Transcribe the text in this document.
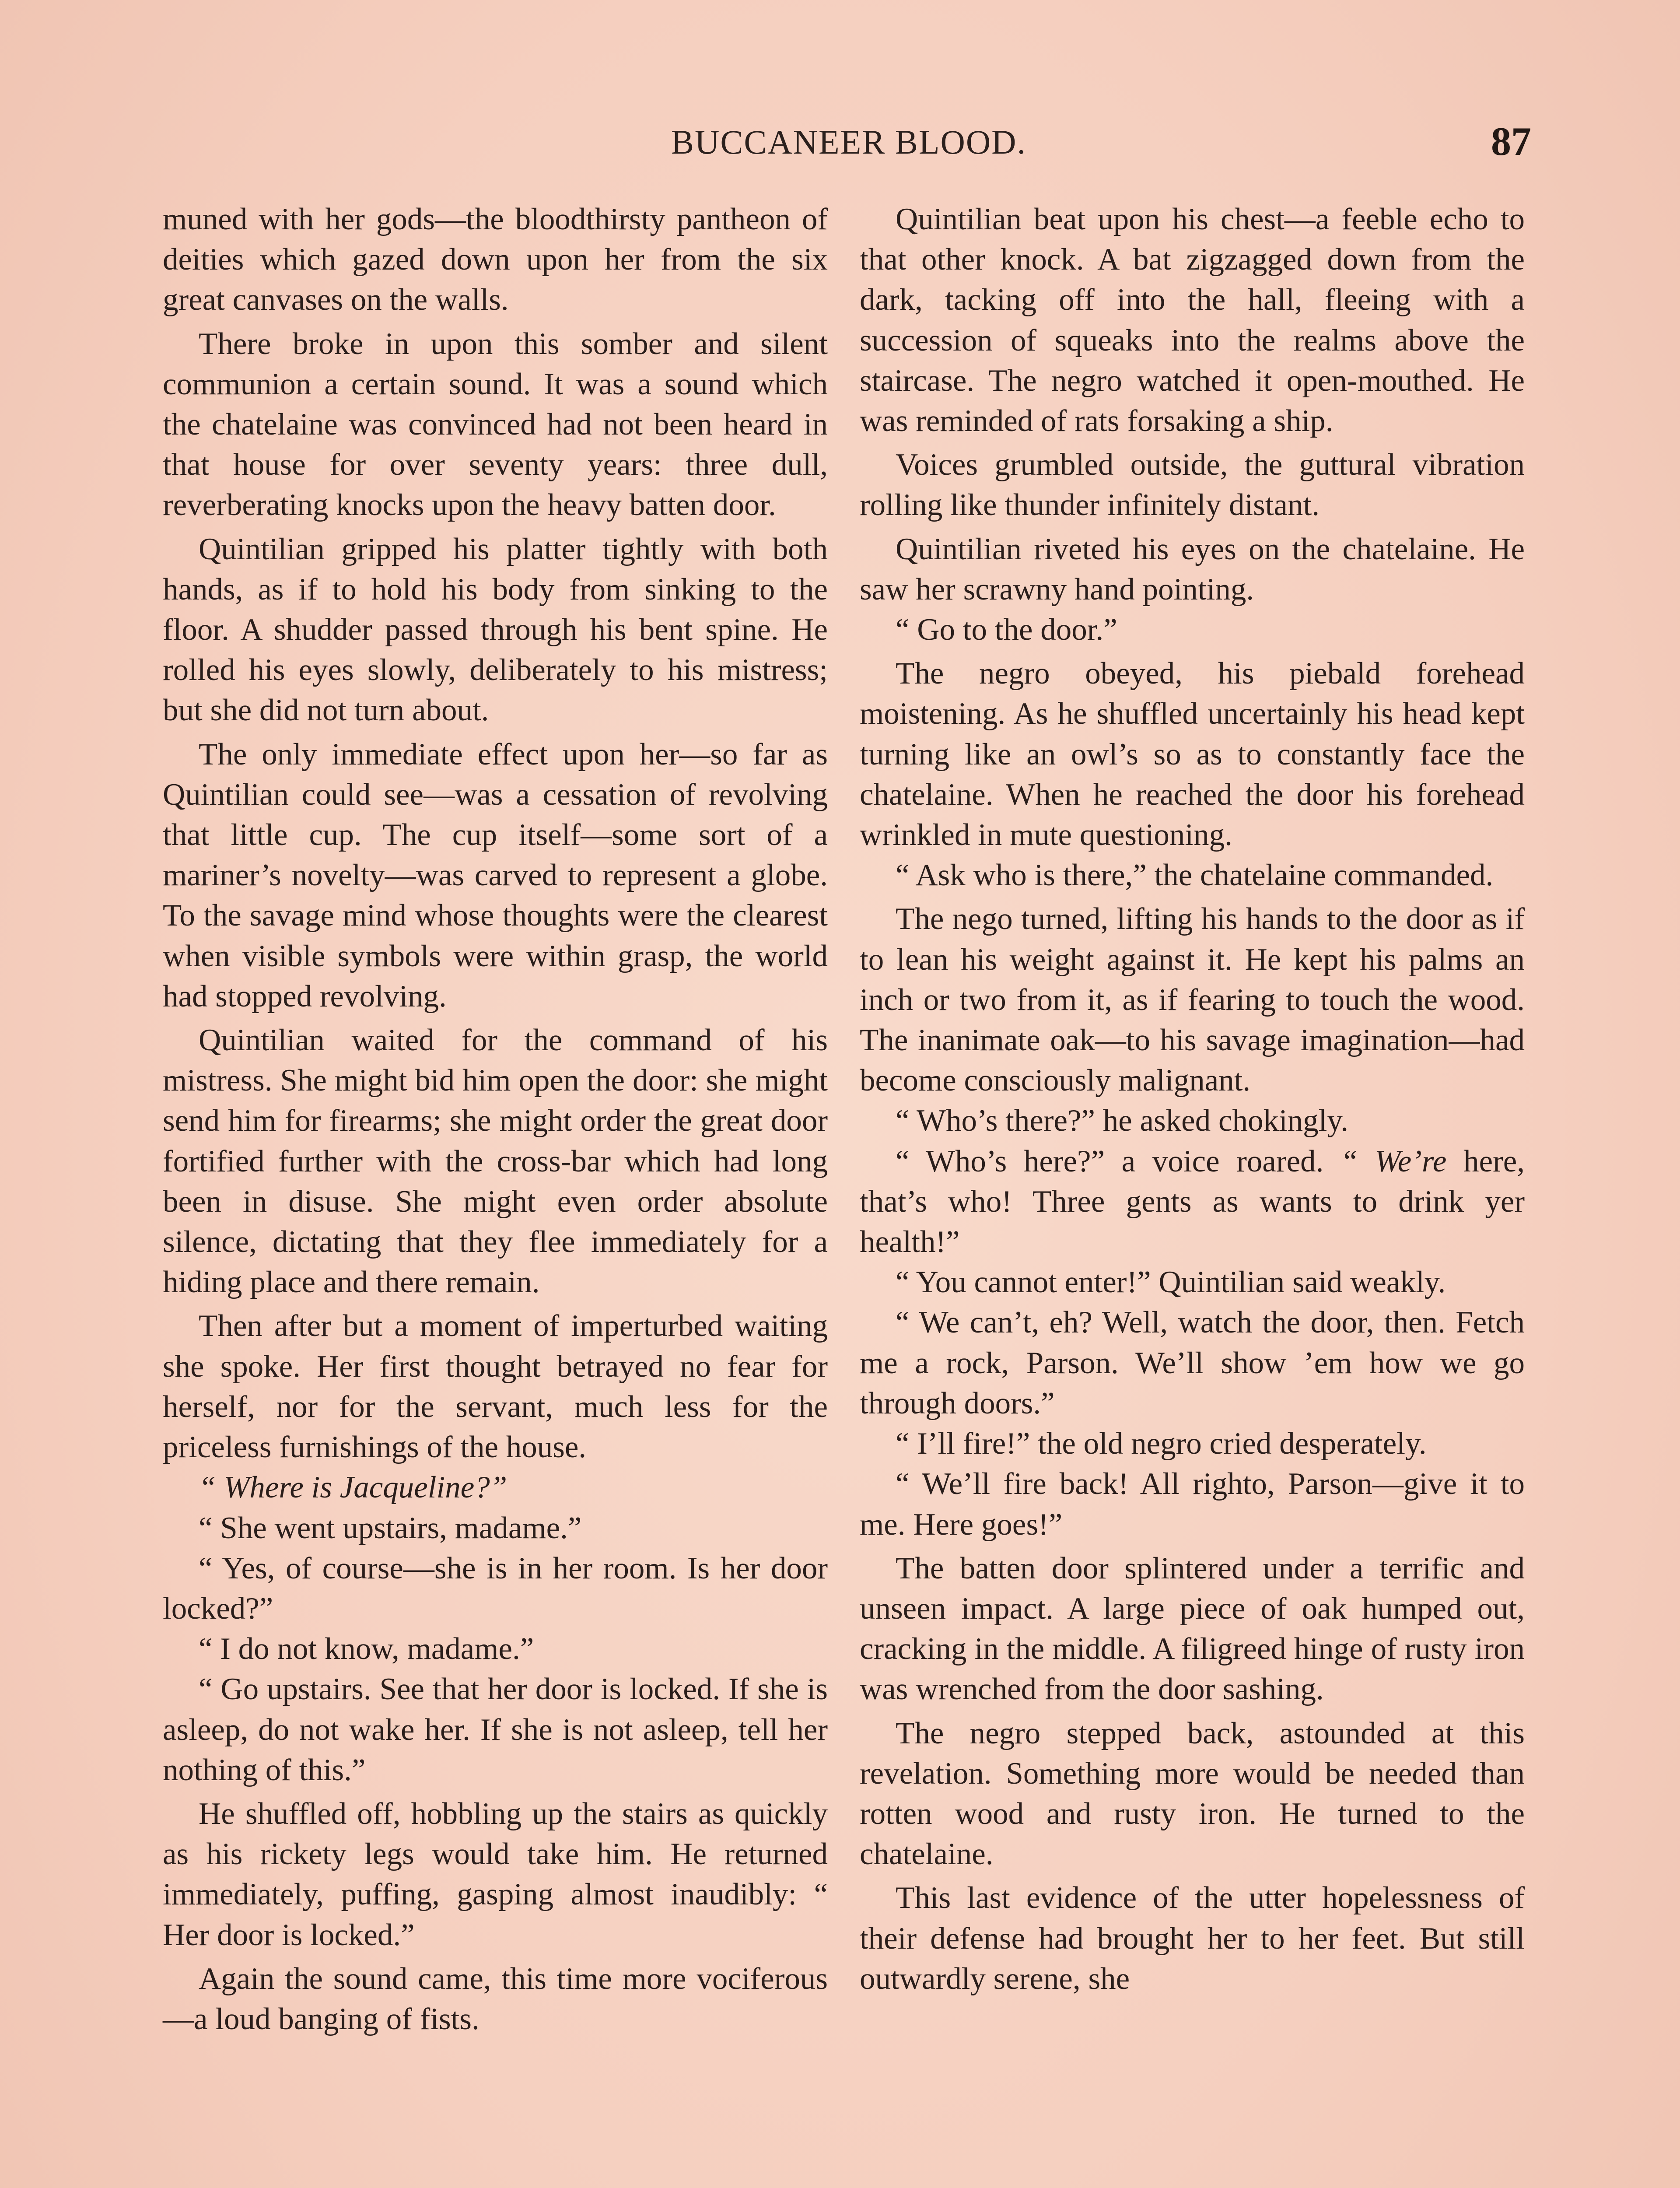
BUCCANEER BLOOD.	87

muned with her gods—the bloodthirsty pantheon of deities which gazed down upon her from the six great canvases on the walls.

There broke in upon this somber and silent communion a certain sound. It was a sound which the chatelaine was convinced had not been heard in that house for over seventy years: three dull, reverberating knocks upon the heavy batten door.

Quintilian gripped his platter tightly with both hands, as if to hold his body from sinking to the floor. A shudder passed through his bent spine. He rolled his eyes slowly, deliberately to his mistress; but she did not turn about.

The only immediate effect upon her—so far as Quintilian could see—was a cessation of revolving that little cup. The cup itself—some sort of a mariner’s novelty—was carved to represent a globe. To the savage mind whose thoughts were the clearest when visible symbols were within grasp, the world had stopped revolving.

Quintilian waited for the command of his mistress. She might bid him open the door: she might send him for firearms; she might order the great door fortified further with the cross-bar which had long been in disuse. She might even order absolute silence, dictating that they flee immediately for a hiding place and there remain.

Then after but a moment of imperturbed waiting she spoke. Her first thought betrayed no fear for herself, nor for the servant, much less for the priceless furnishings of the house.

“ Where is Jacqueline?”

“ She went upstairs, madame.”

“ Yes, of course—she is in her room. Is her door locked?”

“ I do not know, madame.”

“ Go upstairs. See that her door is locked. If she is asleep, do not wake her. If she is not asleep, tell her nothing of this.”

He shuffled off, hobbling up the stairs as quickly as his rickety legs would take him. He returned immediately, puffing, gasping almost inaudibly: “ Her door is locked.”

Again the sound came, this time more vociferous—a loud banging of fists.

Quintilian beat upon his chest—a feeble echo to that other knock. A bat zigzagged down from the dark, tacking off into the hall, fleeing with a succession of squeaks into the realms above the staircase. The negro watched it open-mouthed. He was reminded of rats forsaking a ship.

Voices grumbled outside, the guttural vibration rolling like thunder infinitely distant.

Quintilian riveted his eyes on the chatelaine. He saw her scrawny hand pointing.

“ Go to the door.”

The negro obeyed, his piebald forehead moistening. As he shuffled uncertainly his head kept turning like an owl’s so as to constantly face the chatelaine. When he reached the door his forehead wrinkled in mute questioning.

“ Ask who is there,” the chatelaine commanded.

The nego turned, lifting his hands to the door as if to lean his weight against it. He kept his palms an inch or two from it, as if fearing to touch the wood. The inanimate oak—to his savage imagination—had become consciously malignant.

“ Who’s there?” he asked chokingly.

“ Who’s here?” a voice roared. “ We’re here, that’s who! Three gents as wants to drink yer health!”

“ You cannot enter!” Quintilian said weakly.

“ We can’t, eh? Well, watch the door, then. Fetch me a rock, Parson. We’ll show ’em how we go through doors.”

“ I’ll fire!” the old negro cried desperately.

“ We’ll fire back! All righto, Parson—give it to me. Here goes!”

The batten door splintered under a terrific and unseen impact. A large piece of oak humped out, cracking in the middle. A filigreed hinge of rusty iron was wrenched from the door sashing.

The negro stepped back, astounded at this revelation. Something more would be needed than rotten wood and rusty iron. He turned to the chatelaine.

This last evidence of the utter hopelessness of their defense had brought her to her feet. But still outwardly serene, she
